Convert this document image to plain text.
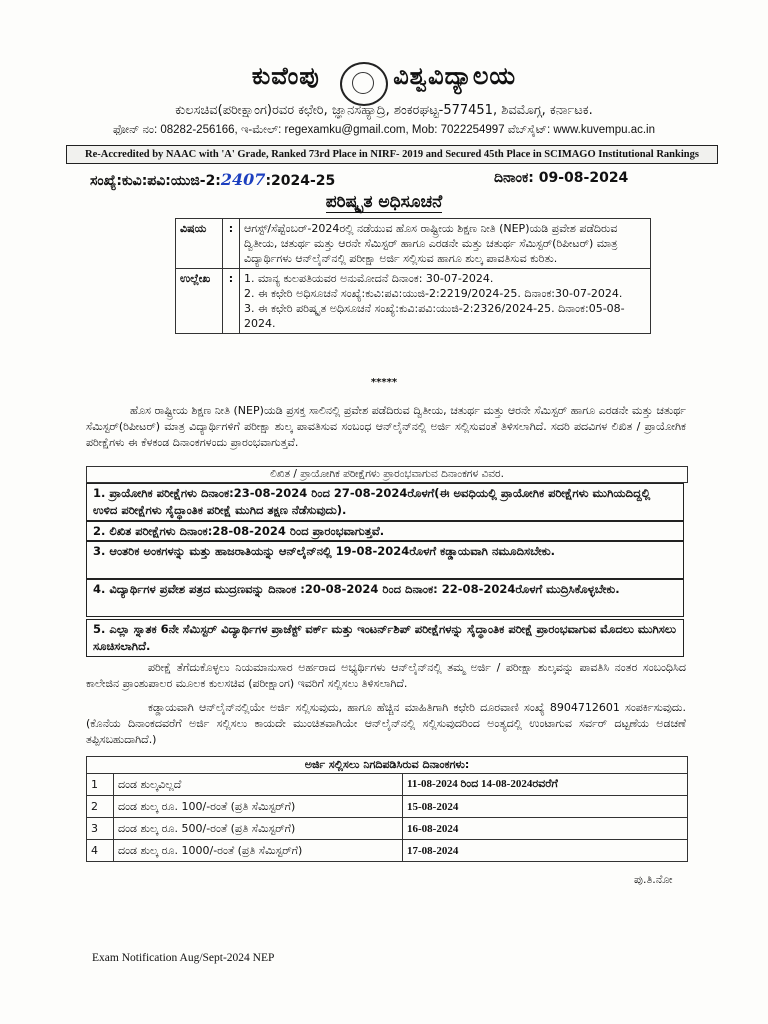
ಕುವೆಂಪು	ವಿಶ್ವವಿದ್ಯಾಲಯ
ಕುಲಸಚಿವ(ಪರೀಕ್ಷಾಂಗ)ರವರ ಕಛೇರಿ, ಜ್ಞಾನಸಹ್ಯಾದ್ರಿ, ಶಂಕರಘಟ್ಟ-577451, ಶಿವಮೊಗ್ಗ, ಕರ್ನಾಟಕ.
ಫೋನ್ ನಂ: 08282-256166, ಇ-ಮೇಲ್: regexamku@gmail.com, Mob: 7022254997 ವೆಬ್‌ಸೈಟ್: www.kuvempu.ac.in
Re-Accredited by NAAC with 'A' Grade, Ranked 73rd Place in NIRF- 2019 and Secured 45th Place in SCIMAGO Institutional Rankings
ಸಂಖ್ಯೆ:ಕುವಿ:ಪವಿ:ಯುಜಿ-2:2407:2024-25	ದಿನಾಂಕ: 09-08-2024
ಪರಿಷ್ಕೃತ ಅಧಿಸೂಚನೆ
ವಿಷಯ	:	ಆಗಸ್ಟ್/ಸೆಪ್ಟೆಂಬರ್-2024ರಲ್ಲಿ ನಡೆಯುವ ಹೊಸ ರಾಷ್ಟ್ರೀಯ ಶಿಕ್ಷಣ ನೀತಿ (NEP)ಯಡಿ ಪ್ರವೇಶ ಪಡೆದಿರುವ ದ್ವಿತೀಯ, ಚತುರ್ಥ ಮತ್ತು ಆರನೇ ಸೆಮಿಸ್ಟರ್ ಹಾಗೂ ಎರಡನೇ ಮತ್ತು ಚತುರ್ಥ ಸೆಮಿಸ್ಟರ್(ರಿಪೀಟರ್) ಮಾತ್ರ ವಿದ್ಯಾರ್ಥಿಗಳು ಆನ್‌ಲೈನ್‌ನಲ್ಲಿ ಪರೀಕ್ಷಾ ಅರ್ಜಿ ಸಲ್ಲಿಸುವ ಹಾಗೂ ಶುಲ್ಕ ಪಾವತಿಸುವ ಕುರಿತು.
ಉಲ್ಲೇಖ	:	1. ಮಾನ್ಯ ಕುಲಪತಿಯವರ ಅನುಮೋದನೆ ದಿನಾಂಕ: 30-07-2024.
2. ಈ ಕಛೇರಿ ಅಧಿಸೂಚನೆ ಸಂಖ್ಯೆ:ಕುವಿ:ಪವಿ:ಯುಜಿ-2:2219/2024-25. ದಿನಾಂಕ:30-07-2024.
3. ಈ ಕಛೇರಿ ಪರಿಷ್ಕೃತ ಅಧಿಸೂಚನೆ ಸಂಖ್ಯೆ:ಕುವಿ:ಪವಿ:ಯುಜಿ-2:2326/2024-25. ದಿನಾಂಕ:05-08-2024.
*****
ಹೊಸ ರಾಷ್ಟ್ರೀಯ ಶಿಕ್ಷಣ ನೀತಿ (NEP)ಯಡಿ ಪ್ರಸಕ್ತ ಸಾಲಿನಲ್ಲಿ ಪ್ರವೇಶ ಪಡೆದಿರುವ ದ್ವಿತೀಯ, ಚತುರ್ಥ ಮತ್ತು ಆರನೇ ಸೆಮಿಸ್ಟರ್ ಹಾಗೂ ಎರಡನೇ ಮತ್ತು ಚತುರ್ಥ ಸೆಮಿಸ್ಟರ್(ರಿಪೀಟರ್) ಮಾತ್ರ ವಿದ್ಯಾರ್ಥಿಗಳಿಗೆ ಪರೀಕ್ಷಾ ಶುಲ್ಕ ಪಾವತಿಸುವ ಸಂಬಂಧ ಆನ್‌ಲೈನ್‌ನಲ್ಲಿ ಅರ್ಜಿ ಸಲ್ಲಿಸುವಂತೆ ತಿಳಿಸಲಾಗಿದೆ. ಸದರಿ ಪದವಿಗಳ ಲಿಖಿತ / ಪ್ರಾಯೋಗಿಕ ಪರೀಕ್ಷೆಗಳು ಈ ಕೆಳಕಂಡ ದಿನಾಂಕಗಳಂದು ಪ್ರಾರಂಭವಾಗುತ್ತವೆ.
ಲಿಖಿತ / ಪ್ರಾಯೋಗಿಕ ಪರೀಕ್ಷೆಗಳು ಪ್ರಾರಂಭವಾಗುವ ದಿನಾಂಕಗಳ ವಿವರ.
1. ಪ್ರಾಯೋಗಿಕ ಪರೀಕ್ಷೆಗಳು ದಿನಾಂಕ:23-08-2024 ರಿಂದ 27-08-2024ರೊಳಗೆ(ಈ ಅವಧಿಯಲ್ಲಿ ಪ್ರಾಯೋಗಿಕ ಪರೀಕ್ಷೆಗಳು ಮುಗಿಯದಿದ್ದಲ್ಲಿ ಉಳಿದ ಪರೀಕ್ಷೆಗಳು ಸೈದ್ಧಾಂತಿಕ ಪರೀಕ್ಷೆ ಮುಗಿದ ತಕ್ಷಣ ನೆಡೆಸುವುದು).
2. ಲಿಖಿತ ಪರೀಕ್ಷೆಗಳು ದಿನಾಂಕ:28-08-2024 ರಿಂದ ಪ್ರಾರಂಭವಾಗುತ್ತವೆ.
3. ಆಂತರಿಕ ಅಂಕಗಳನ್ನು ಮತ್ತು ಹಾಜರಾತಿಯನ್ನು ಆನ್‌ಲೈನ್‌ನಲ್ಲಿ 19-08-2024ರೊಳಗೆ ಕಡ್ಡಾಯವಾಗಿ ನಮೂದಿಸಬೇಕು.
4. ವಿದ್ಯಾರ್ಥಿಗಳ ಪ್ರವೇಶ ಪತ್ರದ ಮುದ್ರಣವನ್ನು ದಿನಾಂಕ :20-08-2024 ರಿಂದ ದಿನಾಂಕ: 22-08-2024ರೊಳಗೆ ಮುದ್ರಿಸಿಕೊಳ್ಳಬೇಕು.
5. ಎಲ್ಲಾ ಸ್ನಾತಕ 6ನೇ ಸೆಮಿಸ್ಟರ್ ವಿದ್ಯಾರ್ಥಿಗಳ ಪ್ರಾಜೆಕ್ಟ್ ವರ್ಕ್ ಮತ್ತು ಇಂಟರ್ನ್‌ಶಿಪ್ ಪರೀಕ್ಷೆಗಳನ್ನು ಸೈದ್ಧಾಂತಿಕ ಪರೀಕ್ಷೆ ಪ್ರಾರಂಭವಾಗುವ ಮೊದಲು ಮುಗಿಸಲು ಸೂಚಿಸಲಾಗಿದೆ.
ಪರೀಕ್ಷೆ ತೆಗೆದುಕೊಳ್ಳಲು ನಿಯಮಾನುಸಾರ ಅರ್ಹರಾದ ಅಭ್ಯರ್ಥಿಗಳು ಆನ್‌ಲೈನ್‌ನಲ್ಲಿ ತಮ್ಮ ಅರ್ಜಿ / ಪರೀಕ್ಷಾ ಶುಲ್ಕವನ್ನು ಪಾವತಿಸಿ ನಂತರ ಸಂಬಂಧಿಸಿದ ಕಾಲೇಜಿನ ಪ್ರಾಂಶುಪಾಲರ ಮೂಲಕ ಕುಲಸಚಿವ (ಪರೀಕ್ಷಾಂಗ) ಇವರಿಗೆ ಸಲ್ಲಿಸಲು ತಿಳಿಸಲಾಗಿದೆ.
ಕಡ್ಡಾಯವಾಗಿ ಆನ್‌ಲೈನ್‌ನಲ್ಲಿಯೇ ಅರ್ಜಿ ಸಲ್ಲಿಸುವುದು, ಹಾಗೂ ಹೆಚ್ಚಿನ ಮಾಹಿತಿಗಾಗಿ ಕಛೇರಿ ದೂರವಾಣಿ ಸಂಖ್ಯೆ 8904712601 ಸಂಪರ್ಕಿಸುವುದು. (ಕೊನೆಯ ದಿನಾಂಕದವರೆಗೆ ಅರ್ಜಿ ಸಲ್ಲಿಸಲು ಕಾಯದೇ ಮುಂಚಿತವಾಗಿಯೇ ಆನ್‌ಲೈನ್‌ನಲ್ಲಿ ಸಲ್ಲಿಸುವುದರಿಂದ ಅಂತ್ಯದಲ್ಲಿ ಉಂಟಾಗುವ ಸರ್ವರ್ ದಟ್ಟಣೆಯ ಅಡಚಣೆ ತಪ್ಪಿಸಬಹುದಾಗಿದೆ.)
ಅರ್ಜಿ ಸಲ್ಲಿಸಲು ನಿಗದಿಪಡಿಸಿರುವ ದಿನಾಂಕಗಳು:		
1	ದಂಡ ಶುಲ್ಕವಿಲ್ಲದೆ	11-08-2024 ರಿಂದ 14-08-2024ರವರೆಗೆ
2	ದಂಡ ಶುಲ್ಕ ರೂ. 100/-ರಂತೆ (ಪ್ರತಿ ಸೆಮಿಸ್ಟರ್‌ಗೆ)	15-08-2024
3	ದಂಡ ಶುಲ್ಕ ರೂ. 500/-ರಂತೆ (ಪ್ರತಿ ಸೆಮಿಸ್ಟರ್‌ಗೆ)	16-08-2024
4	ದಂಡ ಶುಲ್ಕ ರೂ. 1000/-ರಂತೆ (ಪ್ರತಿ ಸೆಮಿಸ್ಟರ್‌ಗೆ)	17-08-2024
ಪು.ತಿ.ನೋ
Exam Notification Aug/Sept-2024 NEP
